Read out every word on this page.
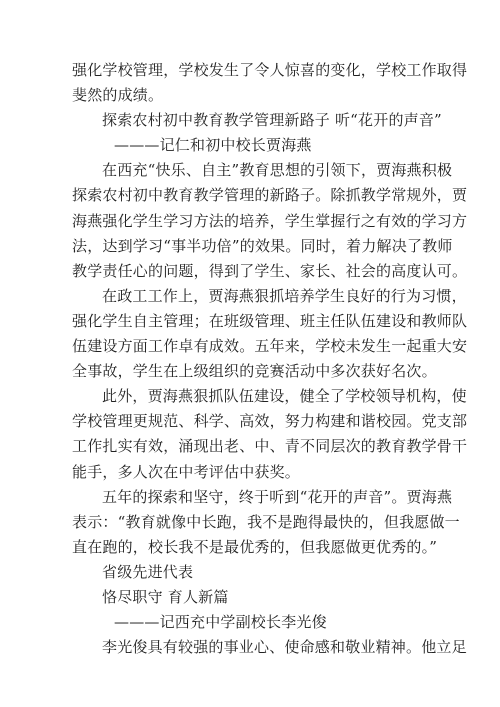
强化学校管理，学校发生了令人惊喜的变化，学校工作取得
斐然的成绩。
探索农村初中教育教学管理新路子 听“花开的声音”
———记仁和初中校长贾海燕
在西充“快乐、自主”教育思想的引领下，贾海燕积极
探索农村初中教育教学管理的新路子。除抓教学常规外，贾
海燕强化学生学习方法的培养，学生掌握行之有效的学习方
法，达到学习“事半功倍”的效果。同时，着力解决了教师
教学责任心的问题，得到了学生、家长、社会的高度认可。
在政工工作上，贾海燕狠抓培养学生良好的行为习惯，
强化学生自主管理；在班级管理、班主任队伍建设和教师队
伍建设方面工作卓有成效。五年来，学校未发生一起重大安
全事故，学生在上级组织的竞赛活动中多次获好名次。
此外，贾海燕狠抓队伍建设，健全了学校领导机构，使
学校管理更规范、科学、高效，努力构建和谐校园。党支部
工作扎实有效，涌现出老、中、青不同层次的教育教学骨干
能手，多人次在中考评估中获奖。
五年的探索和坚守，终于听到“花开的声音”。贾海燕
表示：“教育就像中长跑，我不是跑得最快的，但我愿做一
直在跑的，校长我不是最优秀的，但我愿做更优秀的。”
省级先进代表
恪尽职守 育人新篇
———记西充中学副校长李光俊
李光俊具有较强的事业心、使命感和敬业精神。他立足
